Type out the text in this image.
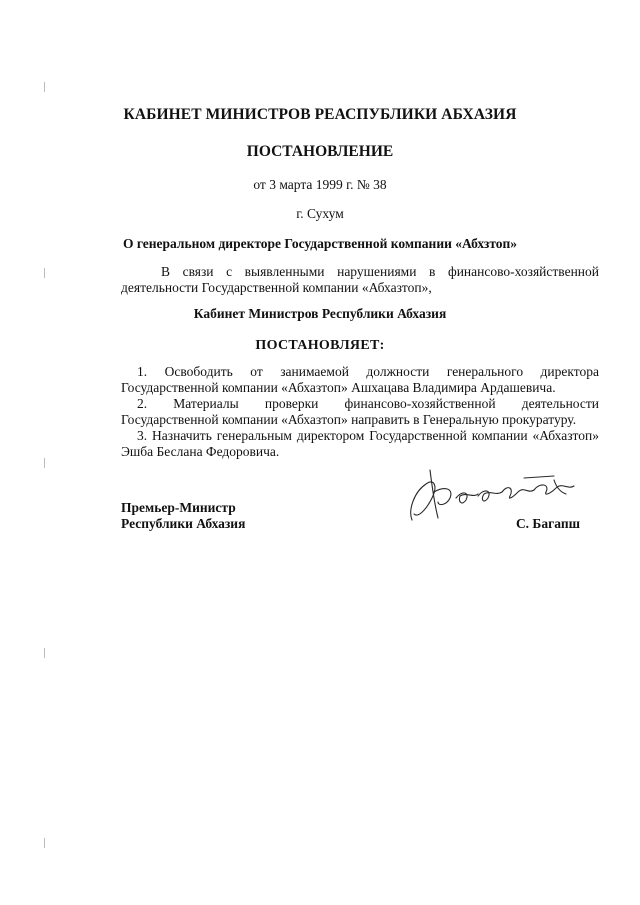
КАБИНЕТ МИНИСТРОВ РЕАСПУБЛИКИ АБХАЗИЯ
ПОСТАНОВЛЕНИЕ
от 3 марта 1999 г. № 38
г. Сухум
О генеральном директоре Государственной компании «Абхзтоп»
В связи с выявленными нарушениями в финансово-хозяйственной деятельности Государственной компании «Абхазтоп»,
Кабинет Министров Республики Абхазия
ПОСТАНОВЛЯЕТ:

1. Освободить от занимаемой должности генерального директора Государственной компании «Абхазтоп» Ашхацава Владимира Ардашевича.

2. Материалы проверки финансово-хозяйственной деятельности Государственной компании «Абхазтоп» направить в Генеральную прокуратуру.

3. Назначить генеральным директором Государственной компании «Абхазтоп» Эшба Беслана Федоровича.

Премьер-Министр
Республики Абхазия	С. Багапш
